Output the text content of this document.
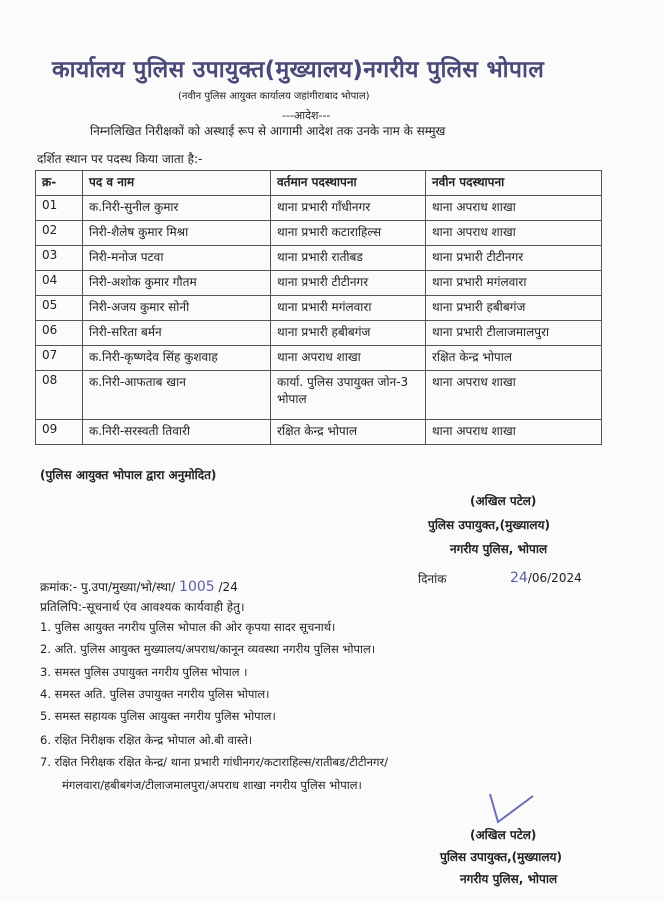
कार्यालय पुलिस उपायुक्त(मुख्यालय)नगरीय पुलिस भोपाल
(नवीन पुलिस आयुक्त कार्यालय जहांगीराबाद भोपाल)
---आदेश---
निम्नलिखित निरीक्षकों को अस्थाई रूप से आगामी आदेश तक उनके नाम के सम्मुख
दर्शित स्थान पर पदस्थ किया जाता है:-
क्र-	पद व नाम	वर्तमान पदस्थापना	नवीन पदस्थापना
01	क.निरी-सुनील कुमार	थाना प्रभारी गाँधीनगर	थाना अपराध शाखा
02	निरी-शैलेष कुमार मिश्रा	थाना प्रभारी कटाराहिल्स	थाना अपराध शाखा
03	निरी-मनोज पटवा	थाना प्रभारी रातीबड	थाना प्रभारी टीटीनगर
04	निरी-अशोक कुमार गौतम	थाना प्रभारी टीटीनगर	थाना प्रभारी मगंलवारा
05	निरी-अजय कुमार सोनी	थाना प्रभारी मगंलवारा	थाना प्रभारी हबीबगंज
06	निरी-सरिता बर्मन	थाना प्रभारी हबीबगंज	थाना प्रभारी टीलाजमालपुरा
07	क.निरी-कृष्णदेव सिंह कुशवाह	थाना अपराध शाखा	रक्षित केन्द्र भोपाल
08	क.निरी-आफताब खान	कार्या. पुलिस उपायुक्त जोन-3 भोपाल	थाना अपराध शाखा
09	क.निरी-सरस्वती तिवारी	रक्षित केन्द्र भोपाल	थाना अपराध शाखा
(पुलिस आयुक्त भोपाल द्वारा अनुमोदित)
(अखिल पटेल)
पुलिस उपायुक्त,(मुख्यालय)
नगरीय पुलिस, भोपाल
दिनांक	24/06/2024
क्रमांक:- पु.उपा/मुख्या/भो/स्था/ 1005 /24
प्रतिलिपि:-सूचनार्थ एंव आवश्यक कार्यवाही हेतु।
1. पुलिस आयुक्त नगरीय पुलिस भोपाल की ओर कृपया सादर सूचनार्थ।
2. अति. पुलिस आयुक्त मुख्यालय/अपराध/कानून व्यवस्था नगरीय पुलिस भोपाल।
3. समस्त पुलिस उपायुक्त नगरीय पुलिस भोपाल ।
4. समस्त अति. पुलिस उपायुक्त नगरीय पुलिस भोपाल।
5. समस्त सहायक पुलिस आयुक्त नगरीय पुलिस भोपाल।
6. रक्षित निरीक्षक रक्षित केन्द्र भोपाल ओ.बी वास्ते।
7. रक्षित निरीक्षक रक्षित केन्द्र/ थाना प्रभारी गांधीनगर/कटाराहिल्स/रातीबड/टीटीनगर/
मंगलवारा/हबीबगंज/टीलाजमालपुरा/अपराध शाखा नगरीय पुलिस भोपाल।
(अखिल पटेल)
पुलिस उपायुक्त,(मुख्यालय)
नगरीय पुलिस, भोपाल
